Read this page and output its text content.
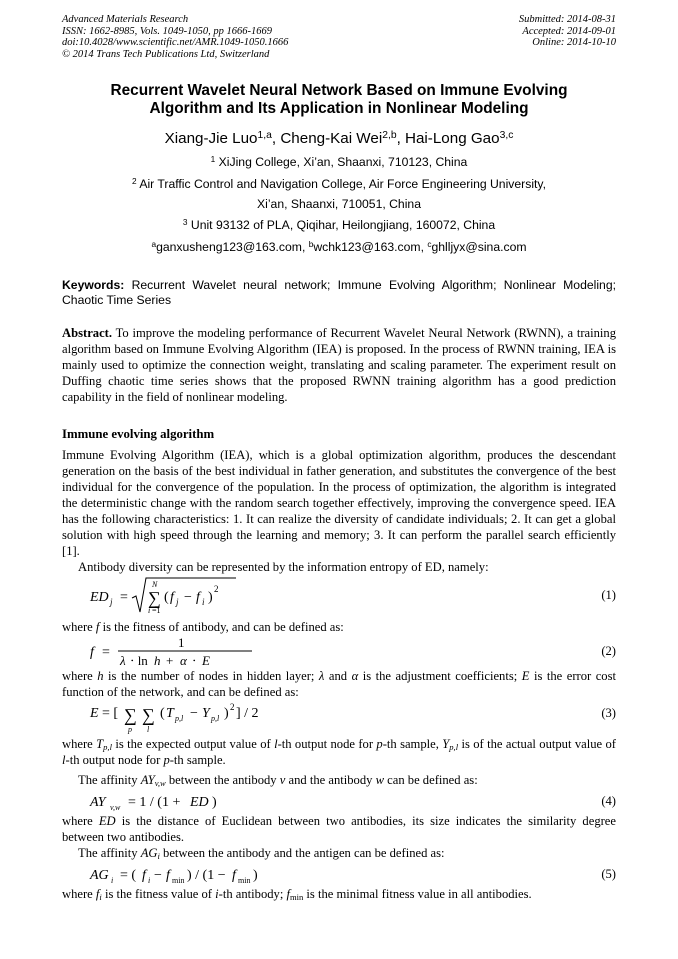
Advanced Materials Research
ISSN: 1662-8985, Vols. 1049-1050, pp 1666-1669
doi:10.4028/www.scientific.net/AMR.1049-1050.1666
© 2014 Trans Tech Publications Ltd, Switzerland
Submitted: 2014-08-31
Accepted: 2014-09-01
Online: 2014-10-10
Recurrent Wavelet Neural Network Based on Immune Evolving
Algorithm and Its Application in Nonlinear Modeling
Xiang-Jie Luo$^{1,a}$, Cheng-Kai Wei$^{2,b}$, Hai-Long Gao$^{3,c}$
$^1$ XiJing College, Xi’an, Shaanxi, 710123, China
$^2$ Air Traffic Control and Navigation College, Air Force Engineering University,
Xi’an, Shaanxi, 710051, China
$^3$ Unit 93132 of PLA, Qiqihar, Heilongjiang, 160072, China
$^a$ganxusheng123@163.com, $^b$wchk123@163.com, $^c$ghlljyx@sina.com
Keywords: Recurrent Wavelet neural network; Immune Evolving Algorithm; Nonlinear Modeling; Chaotic Time Series
Abstract. To improve the modeling performance of Recurrent Wavelet Neural Network (RWNN), a training algorithm based on Immune Evolving Algorithm (IEA) is proposed. In the process of RWNN training, IEA is mainly used to optimize the connection weight, translating and scaling parameter. The experiment result on Duffing chaotic time series shows that the proposed RWNN training algorithm has a good prediction capability in the field of nonlinear modeling.
Immune evolving algorithm
Immune Evolving Algorithm (IEA), which is a global optimization algorithm, produces the descendant generation on the basis of the best individual in father generation, and substitutes the convergence of the best individual for the convergence of the population. In the process of optimization, the algorithm is integrated the deterministic change with the random search together effectively, improving the convergence speed. IEA has the following characteristics: 1. It can realize the diversity of candidate individuals; 2. It can get a global solution with high speed through the learning and memory; 3. It can perform the parallel search efficiently [1].
Antibody diversity can be represented by the information entropy of ED, namely:
ED j =
N
∑
i =1
( f j − f i )
2	(1)
where f is the fitness of antibody, and can be defined as:
f =
1
λ ⋅ ln h + α ⋅ E
(2)
where h is the number of nodes in hidden layer; λ and α is the adjustment coefficients; E is the error cost function of the network, and can be defined as:
E = [ ∑ ∑
p l
( T p,l − Y p,l ) 2 ] / 2	(3)
where $T_{p,l}$ is the expected output value of l-th output node for p-th sample, $Y_{p,l}$ is of the actual output value of l-th output node for p-th sample.
The affinity $AY_{v,w}$ between the antibody v and the antibody w can be defined as:
AY v,w = 1 / (1 + ED )	(4)
where ED is the distance of Euclidean between two antibodies, its size indicates the similarity degree between two antibodies.
The affinity $AG_i$ between the antibody and the antigen can be defined as:
AG i = ( f i − f min ) / (1 − f min )	(5)
where $f_i$ is the fitness value of i-th antibody; $f_{min}$ is the minimal fitness value in all antibodies.
